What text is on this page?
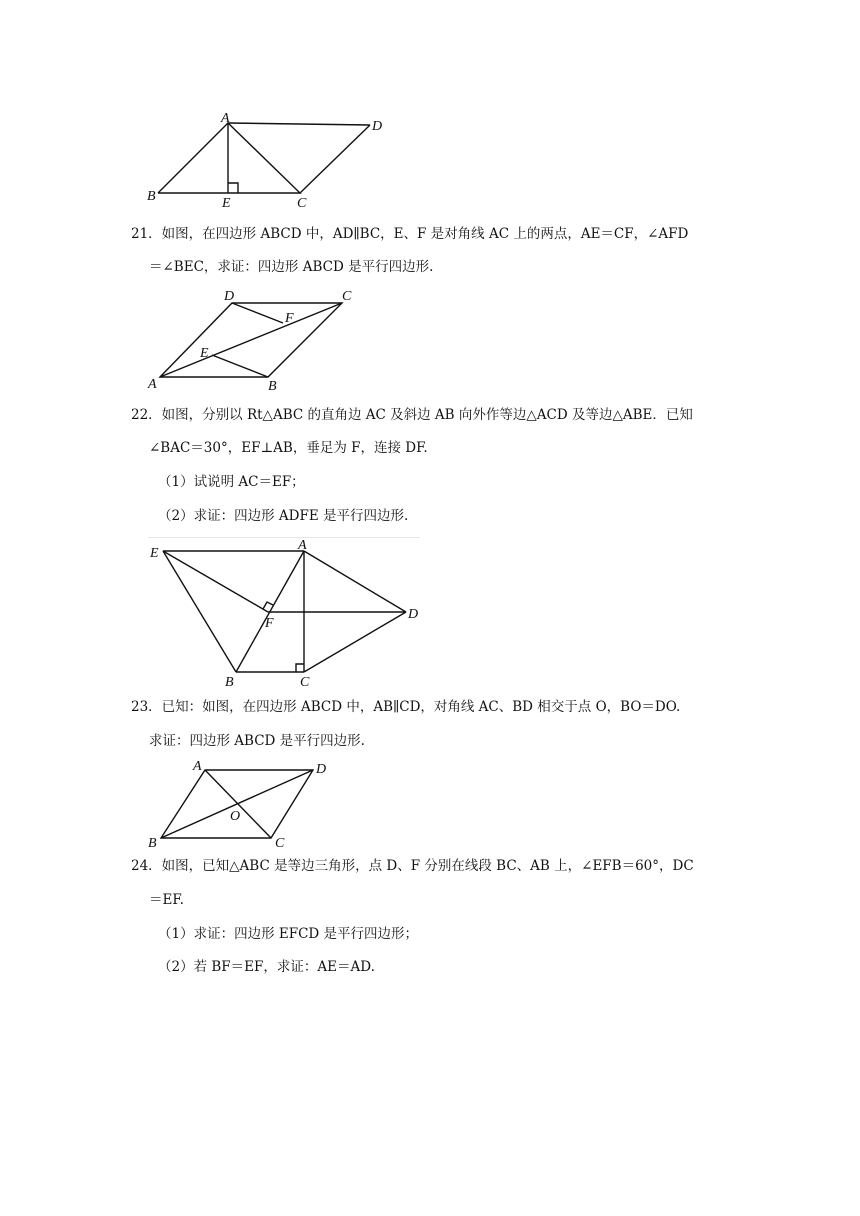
A
B	C
D
E
21．如图，在四边形 ABCD 中，AD∥BC，E、F 是对角线 AC 上的两点，AE＝CF，∠AFD
＝∠BEC，求证：四边形 ABCD 是平行四边形.
A	B
C
D
E
F
22．如图，分别以 Rt△ABC 的直角边 AC 及斜边 AB 向外作等边△ACD 及等边△ABE．已知
∠BAC＝30°，EF⊥AB，垂足为 F，连接 DF.
（1）试说明 AC＝EF；
（2）求证：四边形 ADFE 是平行四边形.
A
B	C
D
E
F
23．已知：如图，在四边形 ABCD 中，AB∥CD，对角线 AC、BD 相交于点 O，BO＝DO.
求证：四边形 ABCD 是平行四边形.
A
B	C
D
O
24．如图，已知△ABC 是等边三角形，点 D、F 分别在线段 BC、AB 上，∠EFB＝60°，DC
＝EF.
（1）求证：四边形 EFCD 是平行四边形；
（2）若 BF＝EF，求证：AE＝AD.
